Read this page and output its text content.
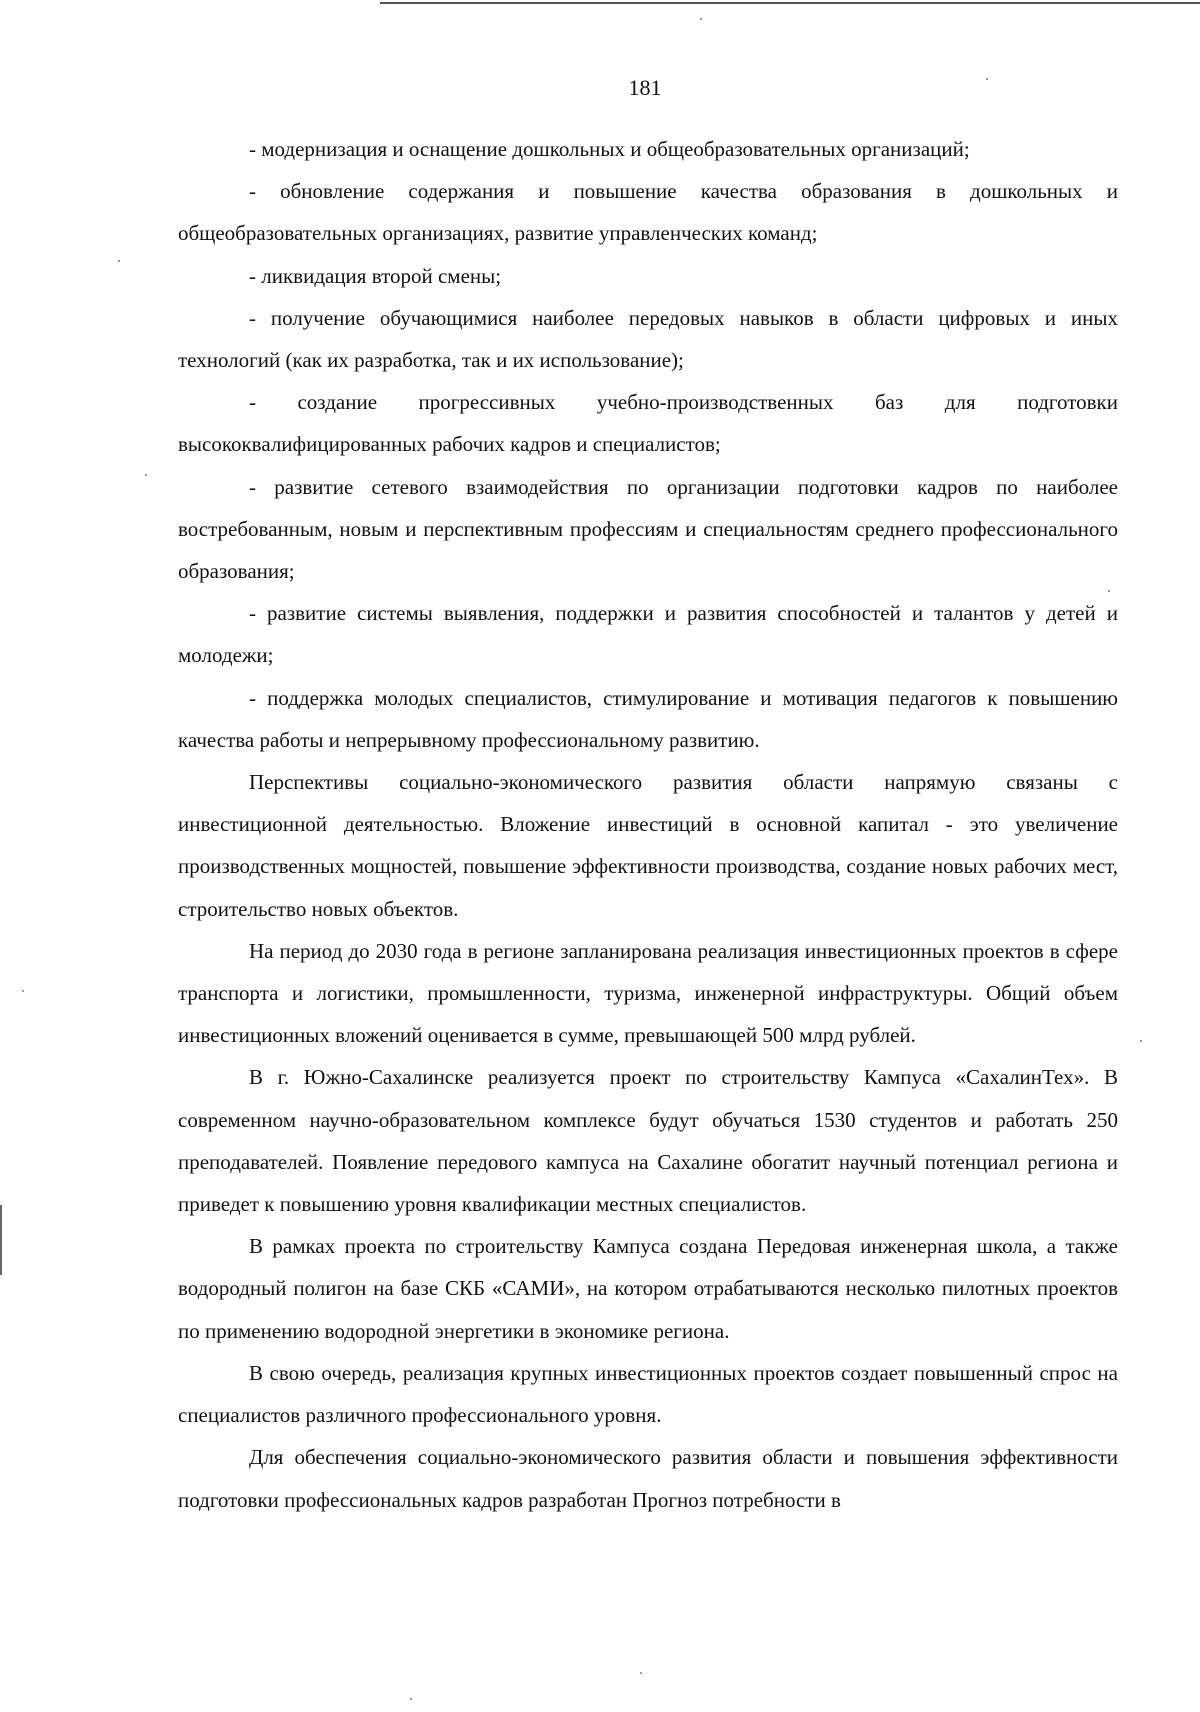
181

- модернизация и оснащение дошкольных и общеобразовательных организаций;

- обновление содержания и повышение качества образования в дошкольных и общеобразовательных организациях, развитие управленческих команд;

- ликвидация второй смены;

- получение обучающимися наиболее передовых навыков в области цифровых и иных технологий (как их разработка, так и их использование);

- создание прогрессивных учебно-производственных баз для подготовки высококвалифицированных рабочих кадров и специалистов;

- развитие сетевого взаимодействия по организации подготовки кадров по наиболее востребованным, новым и перспективным профессиям и специальностям среднего профессионального образования;

- развитие системы выявления, поддержки и развития способностей и талантов у детей и молодежи;

- поддержка молодых специалистов, стимулирование и мотивация педагогов к повышению качества работы и непрерывному профессиональному развитию.

Перспективы социально-экономического развития области напрямую связаны с инвестиционной деятельностью. Вложение инвестиций в основной капитал - это увеличение производственных мощностей, повышение эффективности производства, создание новых рабочих мест, строительство новых объектов.

На период до 2030 года в регионе запланирована реализация инвестиционных проектов в сфере транспорта и логистики, промышленности, туризма, инженерной инфраструктуры. Общий объем инвестиционных вложений оценивается в сумме, превышающей 500 млрд рублей.

В г. Южно-Сахалинске реализуется проект по строительству Кампуса «СахалинТех». В современном научно-образовательном комплексе будут обучаться 1530 студентов и работать 250 преподавателей. Появление передового кампуса на Сахалине обогатит научный потенциал региона и приведет к повышению уровня квалификации местных специалистов.

В рамках проекта по строительству Кампуса создана Передовая инженерная школа, а также водородный полигон на базе СКБ «САМИ», на котором отрабатываются несколько пилотных проектов по применению водородной энергетики в экономике региона.

В свою очередь, реализация крупных инвестиционных проектов создает повышенный спрос на специалистов различного профессионального уровня.

Для обеспечения социально-экономического развития области и повышения эффективности подготовки профессиональных кадров разработан Прогноз потребности в
